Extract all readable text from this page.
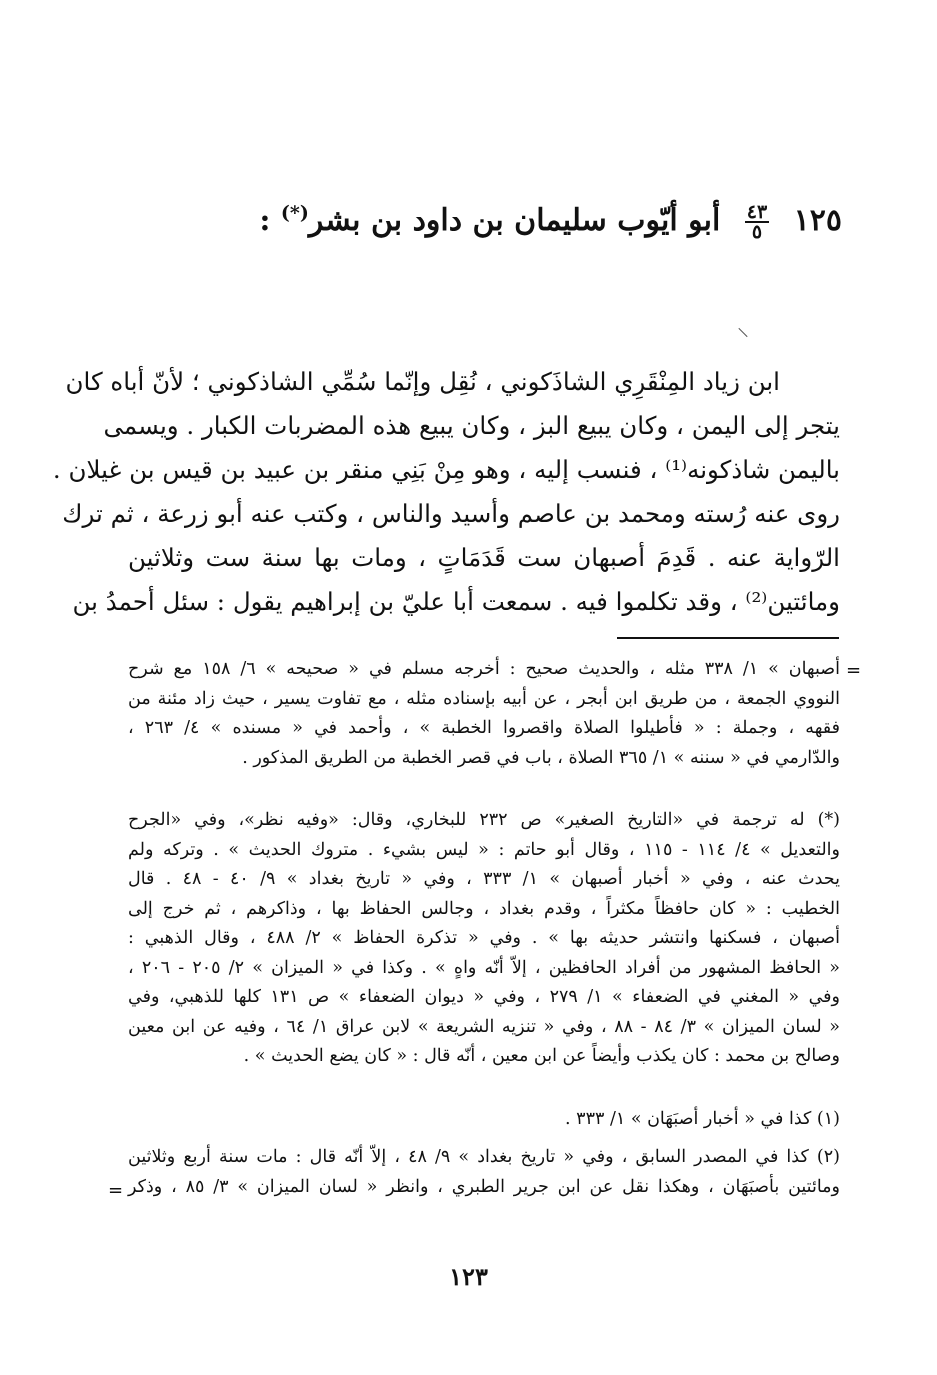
١٢٥
$\frac{٤٣}{٥}$
أبو أيّوب سليمان بن داود بن بشر(*) :
ابن زياد المِنْقَرِي الشاذَكوني ، نُقِل وإنّما سُمِّي الشاذكوني ؛ لأنّ أباه كان
يتجر إلى اليمن ، وكان يبيع البز ، وكان يبيع هذه المضربات الكبار . ويسمى
باليمن شاذكونه⁽¹⁾ ، فنسب إليه ، وهو مِنْ بَنِي منقر بن عبيد بن قيس بن غيلان .
روى عنه رُسته ومحمد بن عاصم وأسيد والناس ، وكتب عنه أبو زرعة ، ثم ترك
الرّواية عنه . قَدِمَ أصبهان ست قَدَمَاتٍ ، ومات بها سنة ست وثلاثين
ومائتين⁽²⁾ ، وقد تكلموا فيه . سمعت أبا عليّ بن إبراهيم يقول : سئل أحمدُ بن
=
أصبهان » ١/ ٣٣٨ مثله ، والحديث صحيح : أخرجه مسلم في « صحيحه » ٦/ ١٥٨ مع شرح
النووي الجمعة ، من طريق ابن أبجر ، عن أبيه بإسناده مثله ، مع تفاوت يسير ، حيث زاد مئنة من
فقهه ، وجملة : « فأطيلوا الصلاة واقصروا الخطبة » ، وأحمد في « مسنده » ٤/ ٢٦٣ ،
والدّارمي في « سننه » ١/ ٣٦٥ الصلاة ، باب في قصر الخطبة من الطريق المذكور .
(*) له ترجمة في «التاريخ الصغير» ص ٢٣٢ للبخاري، وقال: «وفيه نظر»، وفي «الجرح
والتعديل » ٤/ ١١٤ - ١١٥ ، وقال أبو حاتم : « ليس بشيء . متروك الحديث » . وتركه ولم
يحدث عنه ، وفي « أخبار أصبهان » ١/ ٣٣٣ ، وفي « تاريخ بغداد » ٩/ ٤٠ - ٤٨ . قال
الخطيب : « كان حافظاً مكثراً ، وقدم بغداد ، وجالس الحفاظ بها ، وذاكرهم ، ثم خرج إلى
أصبهان ، فسكنها وانتشر حديثه بها » . وفي « تذكرة الحفاظ » ٢/ ٤٨٨ ، وقال الذهبي :
« الحافظ المشهور من أفراد الحافظين ، إلاّ أنّه واهٍ » . وكذا في « الميزان » ٢/ ٢٠٥ - ٢٠٦ ،
وفي « المغني في الضعفاء » ١/ ٢٧٩ ، وفي « ديوان الضعفاء » ص ١٣١ كلها للذهبي، وفي
« لسان الميزان » ٣/ ٨٤ - ٨٨ ، وفي « تنزيه الشريعة » لابن عراق ١/ ٦٤ ، وفيه عن ابن معين
وصالح بن محمد : كان يكذب وأيضاً عن ابن معين ، أنّه قال : « كان يضع الحديث » .
(١) كذا في « أخبار أصبَهَان » ١/ ٣٣٣ .
(٢) كذا في المصدر السابق ، وفي « تاريخ بغداد » ٩/ ٤٨ ، إلاّ أنّه قال : مات سنة أربع وثلاثين
ومائتين بأصبَهَان ، وهكذا نقل عن ابن جرير الطبري ، وانظر « لسان الميزان » ٣/ ٨٥ ، وذكر
=
١٢٣
